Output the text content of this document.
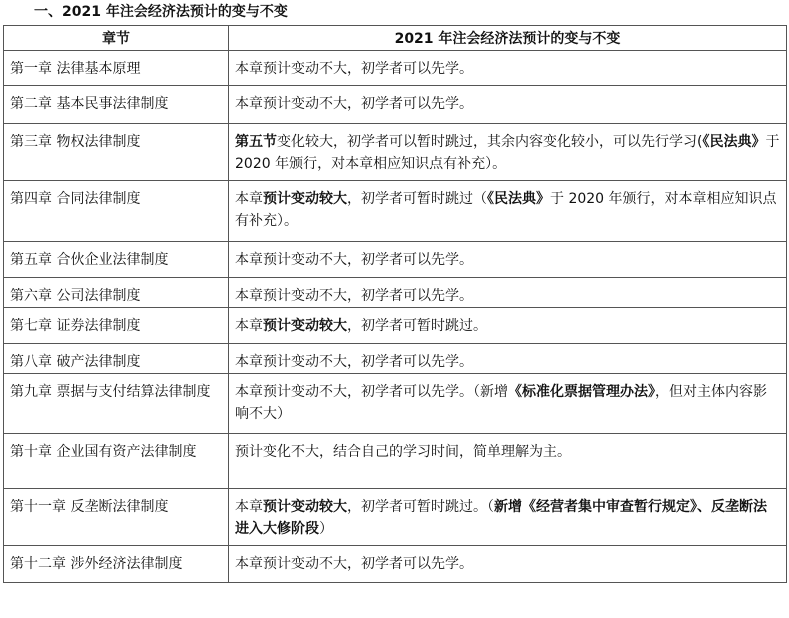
一、2021 年注会经济法预计的变与不变
章节	2021 年注会经济法预计的变与不变
第一章 法律基本原理	本章预计变动不大，初学者可以先学。
第二章 基本民事法律制度	本章预计变动不大，初学者可以先学。
第三章 物权法律制度	第五节变化较大，初学者可以暂时跳过，其余内容变化较小，可以先行学习(《民法典》于 2020 年颁行，对本章相应知识点有补充）。
第四章 合同法律制度	本章预计变动较大，初学者可暂时跳过（《民法典》于 2020 年颁行，对本章相应知识点有补充）。
第五章 合伙企业法律制度	本章预计变动不大，初学者可以先学。
第六章 公司法律制度	本章预计变动不大，初学者可以先学。
第七章 证券法律制度	本章预计变动较大，初学者可暂时跳过。
第八章 破产法律制度	本章预计变动不大，初学者可以先学。
第九章 票据与支付结算法律制度	本章预计变动不大，初学者可以先学。（新增《标准化票据管理办法》，但对主体内容影响不大）
第十章 企业国有资产法律制度	预计变化不大，结合自己的学习时间，简单理解为主。
第十一章 反垄断法律制度	本章预计变动较大，初学者可暂时跳过。（新增《经营者集中审查暂行规定》、反垄断法进入大修阶段）
第十二章 涉外经济法律制度	本章预计变动不大，初学者可以先学。
